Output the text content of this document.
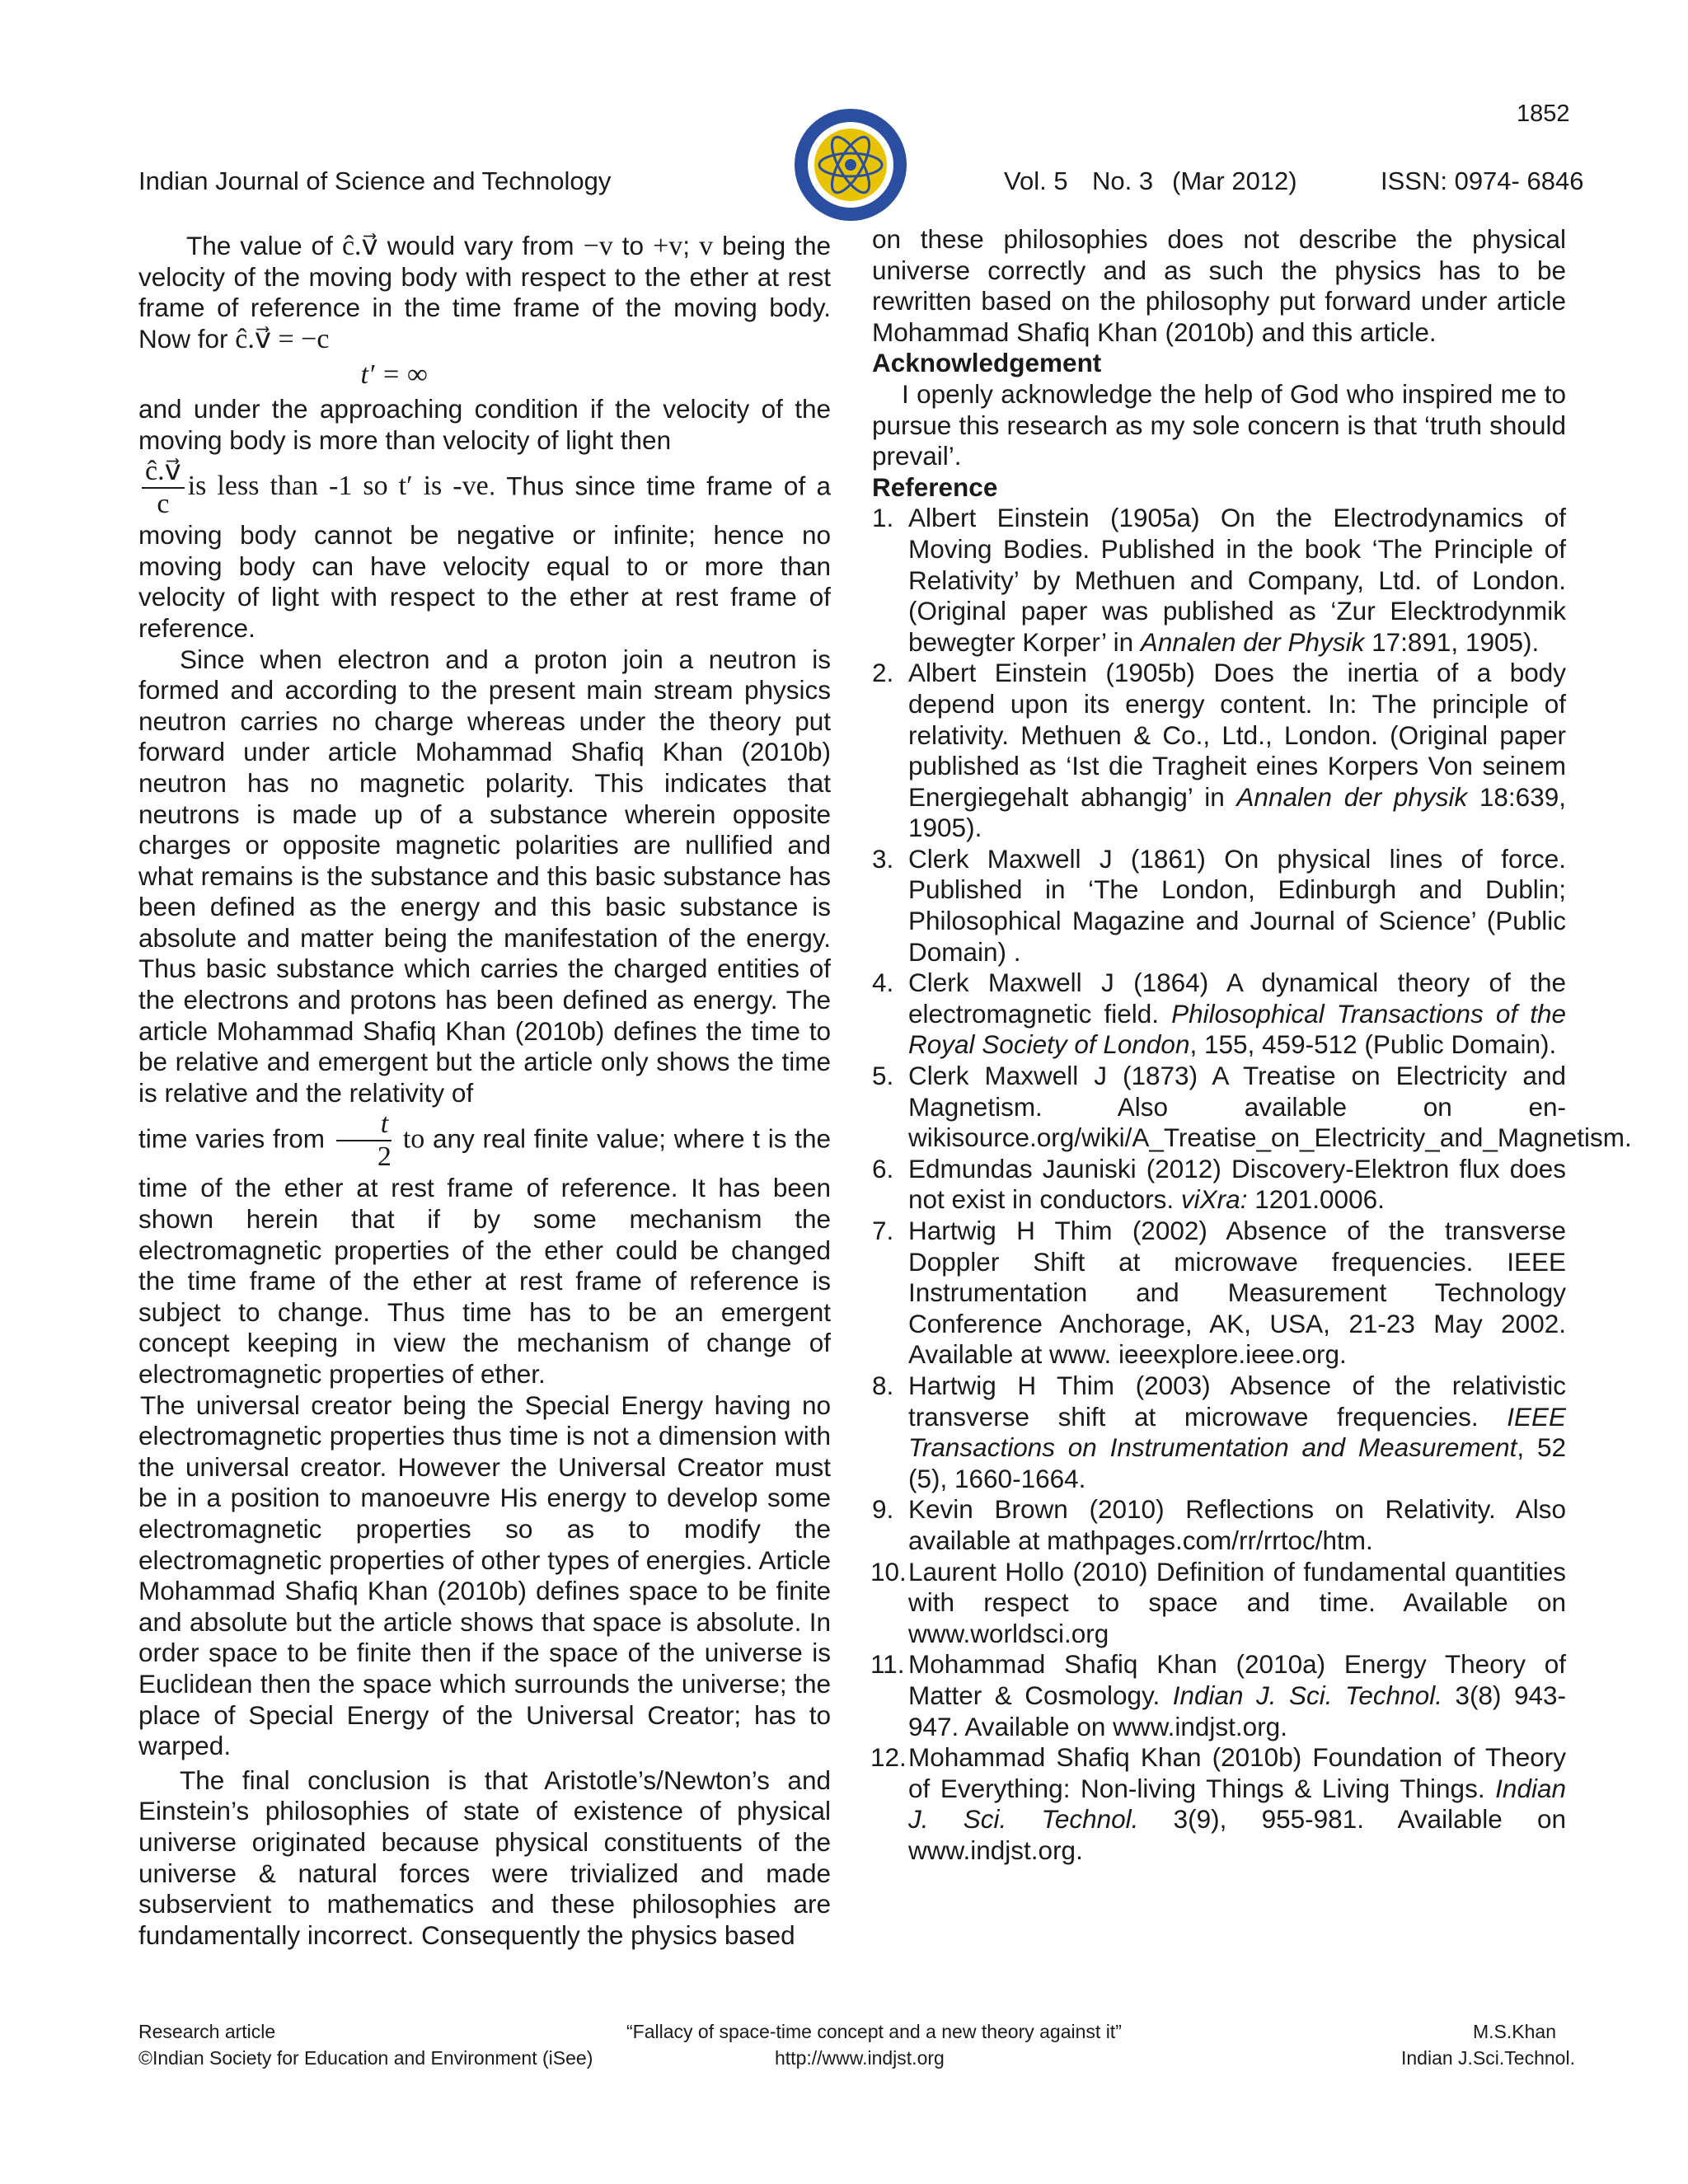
1852
Indian Journal of Science and Technology	Vol. 5 No. 3 (Mar 2012)	ISSN: 0974- 6846

The value of ĉ.v⃗ would vary from −v to +v; v being the velocity of the moving body with respect to the ether at rest frame of reference in the time frame of the moving body. Now for ĉ.v⃗ = −c

t′ = ∞

and under the approaching condition if the velocity of the moving body is more than velocity of light then

$\frac{ĉ.v⃗}{c}$ is less than -1 so t′ is -ve. Thus since time frame of a moving body cannot be negative or infinite; hence no moving body can have velocity equal to or more than velocity of light with respect to the ether at rest frame of reference.

Since when electron and a proton join a neutron is formed and according to the present main stream physics neutron carries no charge whereas under the theory put forward under article Mohammad Shafiq Khan (2010b) neutron has no magnetic polarity. This indicates that neutrons is made up of a substance wherein opposite charges or opposite magnetic polarities are nullified and what remains is the substance and this basic substance has been defined as the energy and this basic substance is absolute and matter being the manifestation of the energy. Thus basic substance which carries the charged entities of the electrons and protons has been defined as energy. The article Mohammad Shafiq Khan (2010b) defines the time to be relative and emergent but the article only shows the time is relative and the relativity of
time varies from $\frac{t}{2}$ to any real finite value; where t is the time of the ether at rest frame of reference. It has been shown herein that if by some mechanism the electromagnetic properties of the ether could be changed the time frame of the ether at rest frame of reference is subject to change. Thus time has to be an emergent concept keeping in view the mechanism of change of electromagnetic properties of ether.

The universal creator being the Special Energy having no electromagnetic properties thus time is not a dimension with the universal creator. However the Universal Creator must be in a position to manoeuvre His energy to develop some electromagnetic properties so as to modify the electromagnetic properties of other types of energies. Article Mohammad Shafiq Khan (2010b) defines space to be finite and absolute but the article shows that space is absolute. In order space to be finite then if the space of the universe is Euclidean then the space which surrounds the universe; the place of Special Energy of the Universal Creator; has to warped.

The final conclusion is that Aristotle’s/Newton’s and Einstein’s philosophies of state of existence of physical universe originated because physical constituents of the universe & natural forces were trivialized and made subservient to mathematics and these philosophies are fundamentally incorrect. Consequently the physics based

on these philosophies does not describe the physical universe correctly and as such the physics has to be rewritten based on the philosophy put forward under article Mohammad Shafiq Khan (2010b) and this article.

Acknowledgement

I openly acknowledge the help of God who inspired me to pursue this research as my sole concern is that ‘truth should prevail’.

Reference

1. Albert Einstein (1905a) On the Electrodynamics of Moving Bodies. Published in the book ‘The Principle of Relativity’ by Methuen and Company, Ltd. of London.(Original paper was published as ‘Zur Elecktrodynmik bewegter Korper’ in Annalen der Physik 17:891, 1905).
2. Albert Einstein (1905b) Does the inertia of a body depend upon its energy content. In: The principle of relativity. Methuen & Co., Ltd., London. (Original paper published as ‘Ist die Tragheit eines Korpers Von seinem Energiegehalt abhangig’ in Annalen der physik 18:639, 1905).
3. Clerk Maxwell J (1861) On physical lines of force. Published in ‘The London, Edinburgh and Dublin; Philosophical Magazine and Journal of Science’ (Public Domain) .
4. Clerk Maxwell J (1864) A dynamical theory of the electromagnetic field. Philosophical Transactions of the Royal Society of London, 155, 459-512 (Public Domain).
5. Clerk Maxwell J (1873) A Treatise on Electricity and Magnetism. Also available on en-wikisource.org/wiki/A_Treatise_on_Electricity_and_Magnetism.
6. Edmundas Jauniski (2012) Discovery-Elektron flux does not exist in conductors. viXra: 1201.0006.
7. Hartwig H Thim (2002) Absence of the transverse Doppler Shift at microwave frequencies. IEEE Instrumentation and Measurement Technology Conference Anchorage, AK, USA, 21-23 May 2002. Available at www. ieeexplore.ieee.org.
8. Hartwig H Thim (2003) Absence of the relativistic transverse shift at microwave frequencies. IEEE Transactions on Instrumentation and Measurement, 52 (5), 1660-1664.
9. Kevin Brown (2010) Reflections on Relativity. Also available at mathpages.com/rr/rrtoc/htm.
10. Laurent Hollo (2010) Definition of fundamental quantities with respect to space and time. Available on www.worldsci.org
11. Mohammad Shafiq Khan (2010a) Energy Theory of Matter & Cosmology. Indian J. Sci. Technol. 3(8) 943-947. Available on www.indjst.org.
12. Mohammad Shafiq Khan (2010b) Foundation of Theory of Everything: Non-living Things & Living Things. Indian J. Sci. Technol. 3(9), 955-981. Available on www.indjst.org.
Research article
©Indian Society for Education and Environment (iSee)
“Fallacy of space-time concept and a new theory against it”
http://www.indjst.org
M.S.Khan
Indian J.Sci.Technol.
